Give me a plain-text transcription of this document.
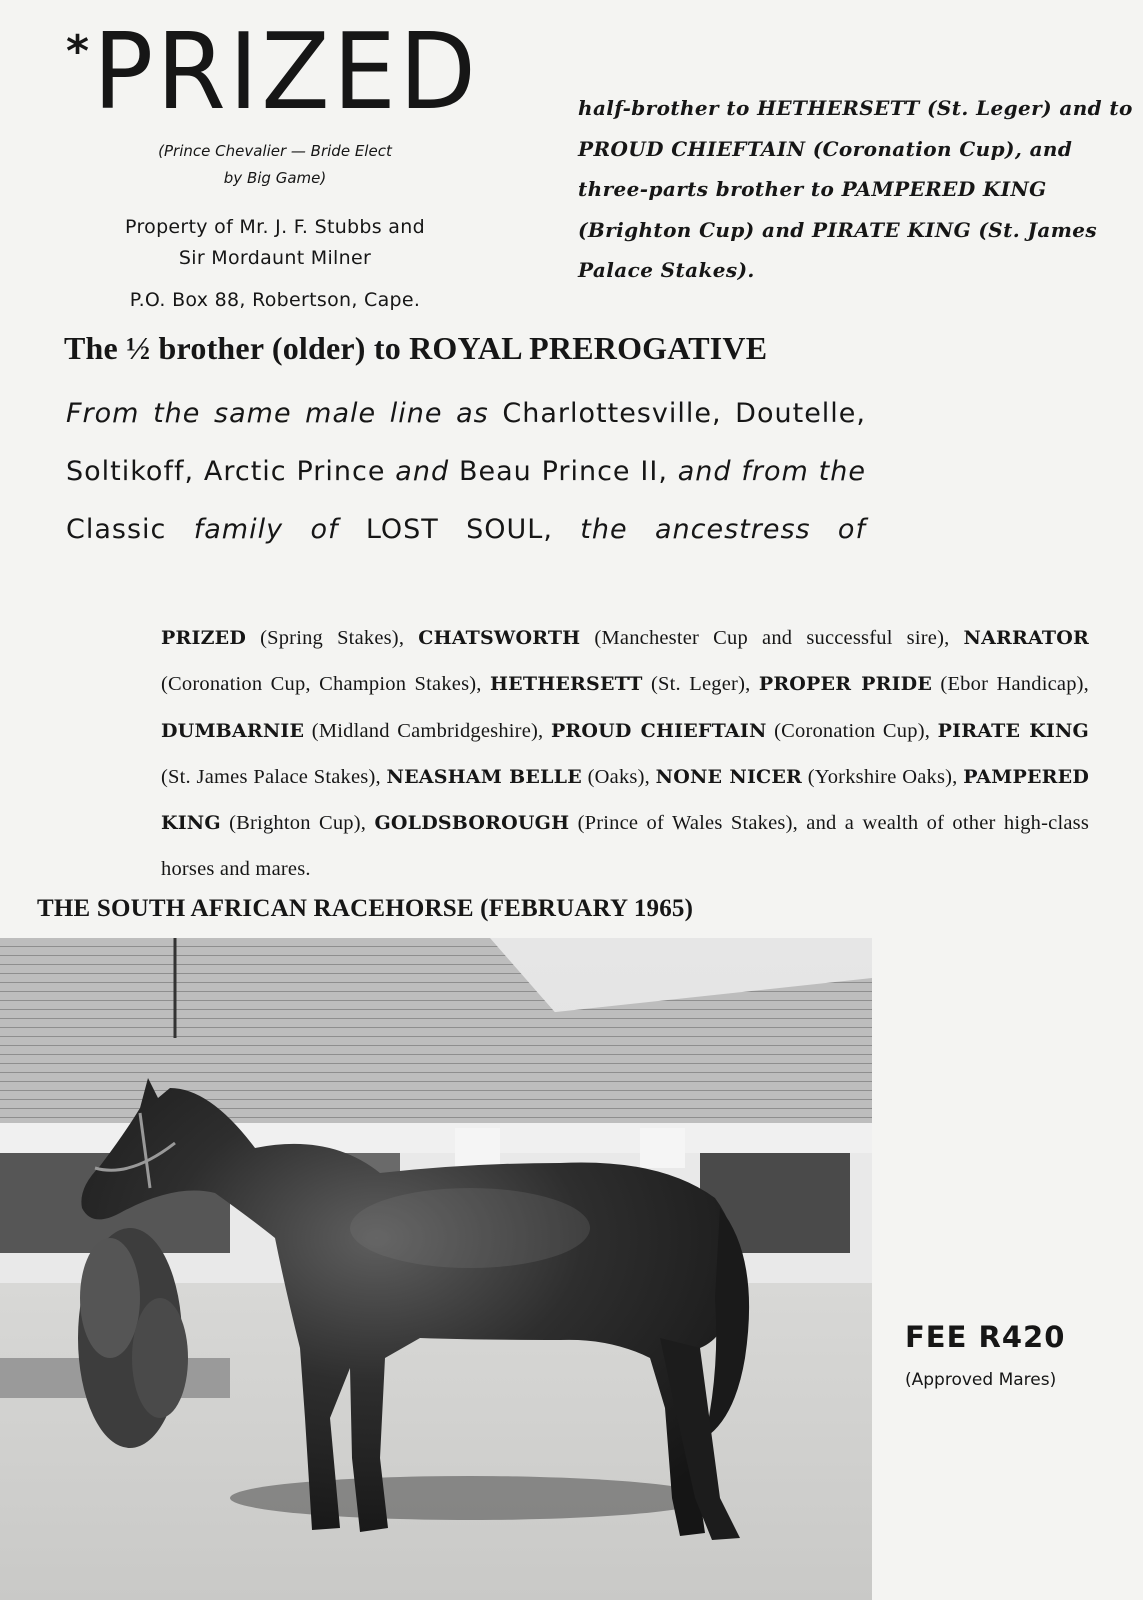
* PRIZED
(Prince Chevalier — Bride Elect
by Big Game)
Property of Mr. J. F. Stubbs and
Sir Mordaunt Milner
P.O. Box 88, Robertson, Cape.
half-brother to HETHERSETT (St. Leger) and to PROUD CHIEFTAIN (Coronation Cup), and three-parts brother to PAMPERED KING (Brighton Cup) and PIRATE KING (St. James Palace Stakes).
The ½ brother (older) to ROYAL PREROGATIVE
From the same male line as Charlottesville, Doutelle, Soltikoff, Arctic Prince and Beau Prince II, and from the Classic family of LOST SOUL, the ancestress of
PRIZED (Spring Stakes), CHATSWORTH (Manchester Cup and successful sire), NARRATOR (Coronation Cup, Champion Stakes), HETHERSETT (St. Leger), PROPER PRIDE (Ebor Handicap), DUMBARNIE (Midland Cambridgeshire), PROUD CHIEFTAIN (Coronation Cup), PIRATE KING (St. James Palace Stakes), NEASHAM BELLE (Oaks), NONE NICER (Yorkshire Oaks), PAMPERED KING (Brighton Cup), GOLDSBOROUGH (Prince of Wales Stakes), and a wealth of other high-class horses and mares.
THE SOUTH AFRICAN RACEHORSE (FEBRUARY 1965)
FEE R420
(Approved Mares)
